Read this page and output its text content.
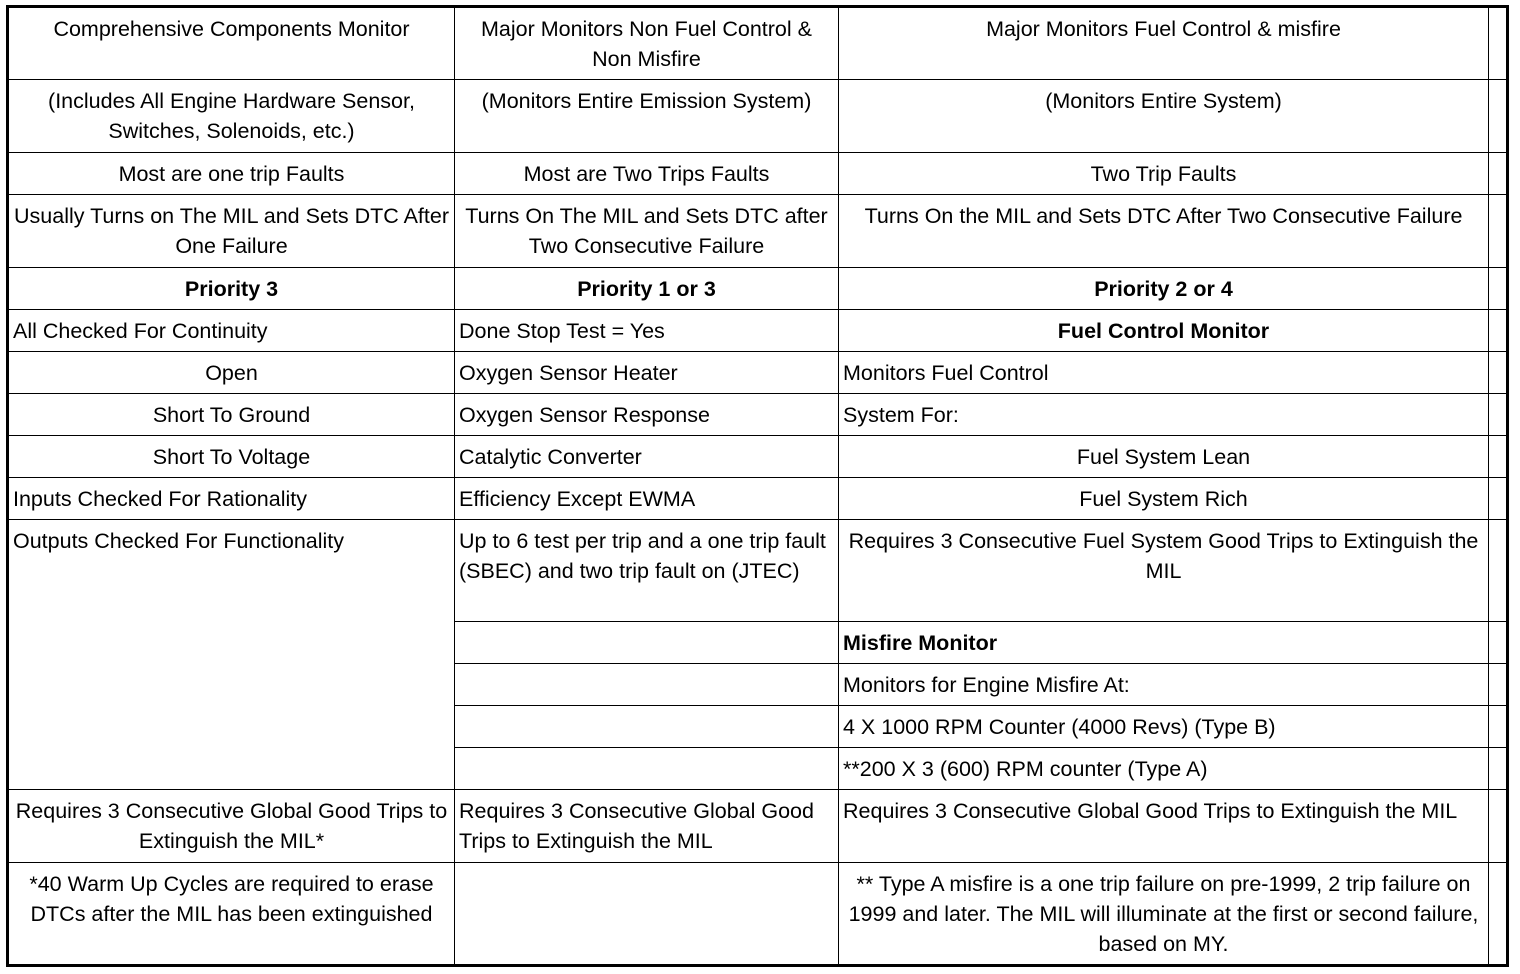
Comprehensive Components Monitor	Major Monitors Non Fuel Control & Non Misfire	Major Monitors Fuel Control & misfire	
(Includes All Engine Hardware Sensor, Switches, Solenoids, etc.)	(Monitors Entire Emission System)	(Monitors Entire System)	
Most are one trip Faults	Most are Two Trips Faults	Two Trip Faults	
Usually Turns on The MIL and Sets DTC After One Failure	Turns On The MIL and Sets DTC after Two Consecutive Failure	Turns On the MIL and Sets DTC After Two Consecutive Failure	
Priority 3	Priority 1 or 3	Priority 2 or 4	
All Checked For Continuity	Done Stop Test = Yes	Fuel Control Monitor	
Open	Oxygen Sensor Heater	Monitors Fuel Control	
Short To Ground	Oxygen Sensor Response	System For:	
Short To Voltage	Catalytic Converter	Fuel System Lean	
Inputs Checked For Rationality	Efficiency Except EWMA	Fuel System Rich	
Outputs Checked For Functionality	Up to 6 test per trip and a one trip fault (SBEC) and two trip fault on (JTEC)	Requires 3 Consecutive Fuel System Good Trips to Extinguish the MIL	
		Misfire Monitor	
		Monitors for Engine Misfire At:	
		4 X 1000 RPM Counter (4000 Revs) (Type B)	
		**200 X 3 (600) RPM counter (Type A)	
Requires 3 Consecutive Global Good Trips to Extinguish the MIL*	Requires 3 Consecutive Global Good Trips to Extinguish the MIL	Requires 3 Consecutive Global Good Trips to Extinguish the MIL	
*40 Warm Up Cycles are required to erase DTCs after the MIL has been extinguished		** Type A misfire is a one trip failure on pre-1999, 2 trip failure on 1999 and later. The MIL will illuminate at the first or second failure, based on MY.	
